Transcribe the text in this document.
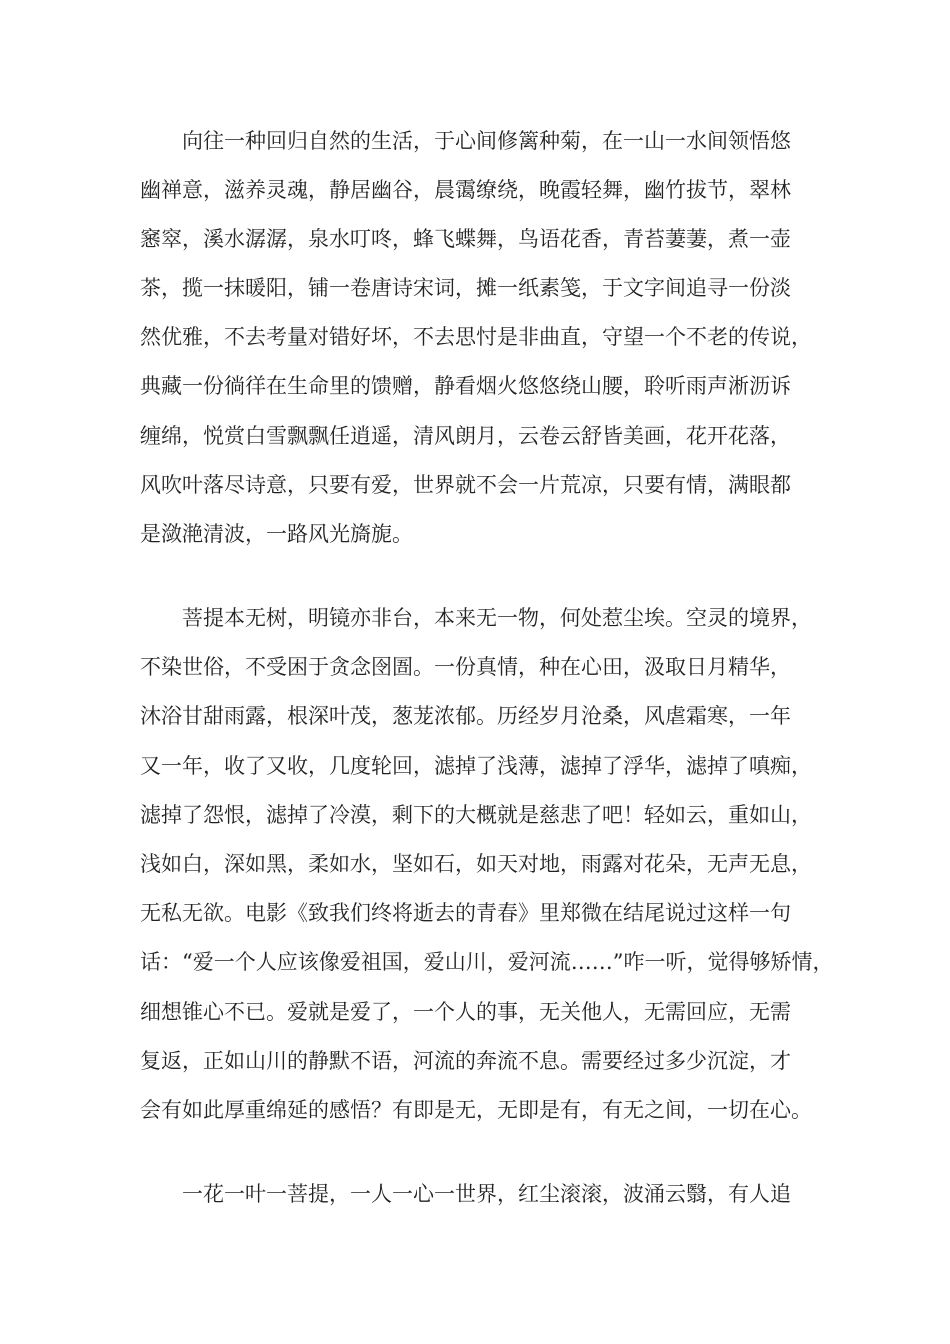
向往一种回归自然的生活，于心间修篱种菊，在一山一水间领悟悠
幽禅意，滋养灵魂，静居幽谷，晨霭缭绕，晚霞轻舞，幽竹拔节，翠林
窸窣，溪水潺潺，泉水叮咚，蜂飞蝶舞，鸟语花香，青苔萋萋，煮一壶
茶，揽一抹暖阳，铺一卷唐诗宋词，摊一纸素笺，于文字间追寻一份淡
然优雅，不去考量对错好坏，不去思忖是非曲直，守望一个不老的传说，
典藏一份徜徉在生命里的馈赠，静看烟火悠悠绕山腰，聆听雨声淅沥诉
缠绵，悦赏白雪飘飘任逍遥，清风朗月，云卷云舒皆美画，花开花落，
风吹叶落尽诗意，只要有爱，世界就不会一片荒凉，只要有情，满眼都
是潋滟清波，一路风光旖旎。
菩提本无树，明镜亦非台，本来无一物，何处惹尘埃。空灵的境界，
不染世俗，不受困于贪念囹圄。一份真情，种在心田，汲取日月精华，
沐浴甘甜雨露，根深叶茂，葱茏浓郁。历经岁月沧桑，风虐霜寒，一年
又一年，收了又收，几度轮回，滤掉了浅薄，滤掉了浮华，滤掉了嗔痴，
滤掉了怨恨，滤掉了冷漠，剩下的大概就是慈悲了吧！轻如云，重如山，
浅如白，深如黑，柔如水，坚如石，如天对地，雨露对花朵，无声无息，
无私无欲。电影《致我们终将逝去的青春》里郑微在结尾说过这样一句
话：“爱一个人应该像爱祖国，爱山川，爱河流……”咋一听，觉得够矫情，
细想锥心不已。爱就是爱了，一个人的事，无关他人，无需回应，无需
复返，正如山川的静默不语，河流的奔流不息。需要经过多少沉淀，才
会有如此厚重绵延的感悟？有即是无，无即是有，有无之间，一切在心。
一花一叶一菩提，一人一心一世界，红尘滚滚，波涌云翳，有人追
